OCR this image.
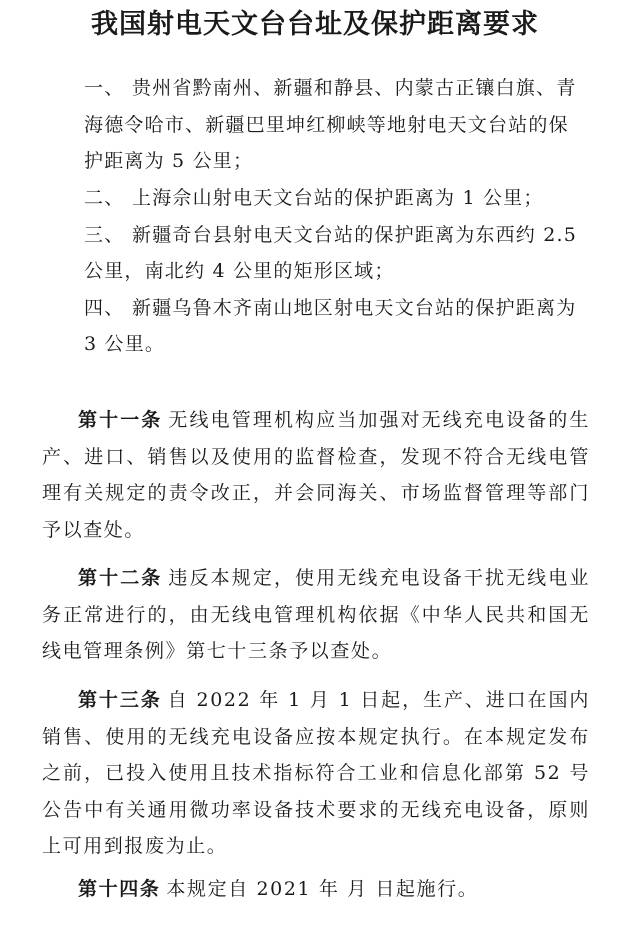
我国射电天文台台址及保护距离要求

一、 贵州省黔南州、新疆和静县、内蒙古正镶白旗、青海德令哈市、新疆巴里坤红柳峡等地射电天文台站的保护距离为 5 公里；

二、 上海佘山射电天文台站的保护距离为 1 公里；

三、 新疆奇台县射电天文台站的保护距离为东西约 2.5 公里，南北约 4 公里的矩形区域；

四、 新疆乌鲁木齐南山地区射电天文台站的保护距离为 3 公里。

第十一条 无线电管理机构应当加强对无线充电设备的生产、进口、销售以及使用的监督检查，发现不符合无线电管理有关规定的责令改正，并会同海关、市场监督管理等部门予以查处。

第十二条 违反本规定，使用无线充电设备干扰无线电业务正常进行的，由无线电管理机构依据《中华人民共和国无线电管理条例》第七十三条予以查处。

第十三条 自 2022 年 1 月 1 日起，生产、进口在国内销售、使用的无线充电设备应按本规定执行。在本规定发布之前，已投入使用且技术指标符合工业和信息化部第 52 号公告中有关通用微功率设备技术要求的无线充电设备，原则上可用到报废为止。

第十四条 本规定自 2021 年 月 日起施行。
